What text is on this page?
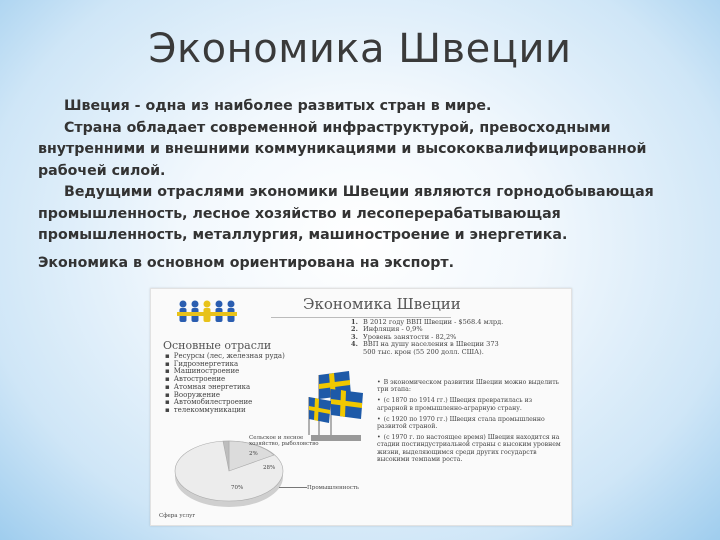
Экономика Швеции

Швеция - одна из наиболее развитых стран в мире.

Страна обладает современной инфраструктурой, превосходными внутренними и внешними коммуникациями и высококвалифицированной рабочей силой.

Ведущими отраслями экономики Швеции являются горнодобывающая промышленность, лесное хозяйство и лесоперерабатывающая промышленность, металлургия, машиностроение и энергетика.

Экономика в основном ориентирована на экспорт.

Экономика Швеции
Основные отрасли
▪ Ресурсы (лес, железная руда)
▪ Гидроэнергетика
▪ Машиностроение
▪ Автостроение
▪ Атомная энергетика
▪ Вооружение
▪ Автомобилестроение
▪ телекоммуникации
1. В 2012 году ВВП Швеции - $568.4 млрд.
2. Инфляция - 0,9%
3. Уровень занятости - 82,2%
4. ВВП на душу населения в Швеции 373
500 тыс. крон (55 200 долл. США).
• В экономическом развитии Швеции можно выделить три этапа:
• (с 1870 по 1914 гг.) Швеция превратилась из аграрной в промышленно-аграрную страну.
• (с 1920 по 1970 гг.) Швеция стала промышленно развитой страной.
• (с 1970 г. по настоящее время) Швеция находится на стадии постиндустриальной страны с высоким уровнем жизни, выделяющимся среди других государств высокими темпами роста.
Сельское и лесное хозяйство, рыболовство
Промышленность
Сфера услуг
2%
28%
70%
